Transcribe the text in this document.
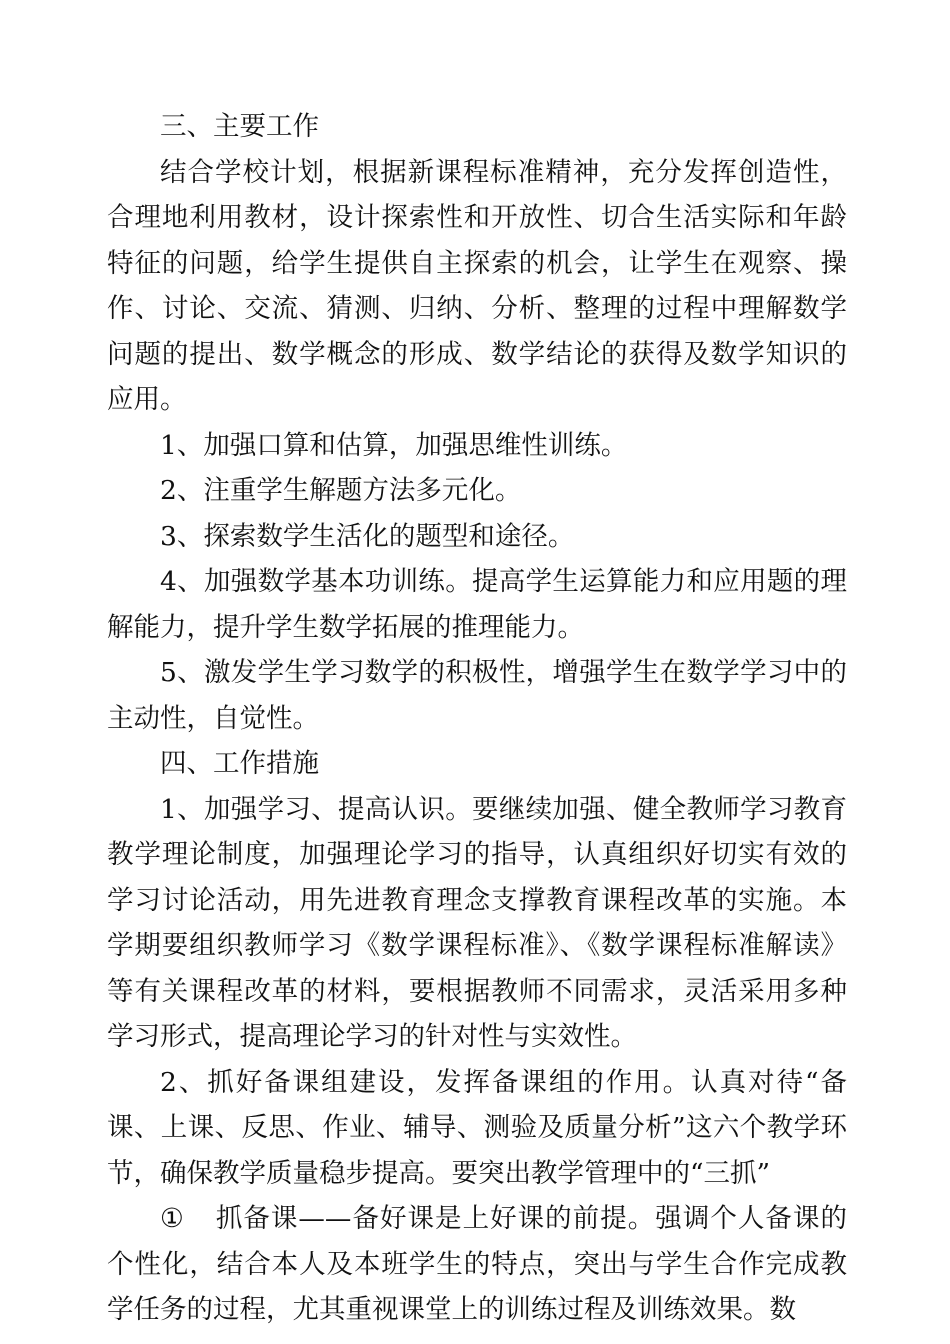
三、主要工作

结合学校计划，根据新课程标准精神，充分发挥创造性，合理地利用教材，设计探索性和开放性、切合生活实际和年龄特征的问题，给学生提供自主探索的机会，让学生在观察、操作、讨论、交流、猜测、归纳、分析、整理的过程中理解数学问题的提出、数学概念的形成、数学结论的获得及数学知识的应用。

1、加强口算和估算，加强思维性训练。

2、注重学生解题方法多元化。

3、探索数学生活化的题型和途径。

4、加强数学基本功训练。提高学生运算能力和应用题的理解能力，提升学生数学拓展的推理能力。

5、激发学生学习数学的积极性，增强学生在数学学习中的主动性，自觉性。

四、工作措施

1、加强学习、提高认识。要继续加强、健全教师学习教育教学理论制度，加强理论学习的指导，认真组织好切实有效的学习讨论活动，用先进教育理念支撑教育课程改革的实施。本学期要组织教师学习《数学课程标准》、《数学课程标准解读》等有关课程改革的材料，要根据教师不同需求，灵活采用多种学习形式，提高理论学习的针对性与实效性。

2、抓好备课组建设，发挥备课组的作用。认真对待“备课、上课、反思、作业、辅导、测验及质量分析”这六个教学环节，确保教学质量稳步提高。要突出教学管理中的“三抓”

① 抓备课——备好课是上好课的前提。强调个人备课的个性化，结合本人及本班学生的特点，突出与学生合作完成教学任务的过程，尤其重视课堂上的训练过程及训练效果。数
